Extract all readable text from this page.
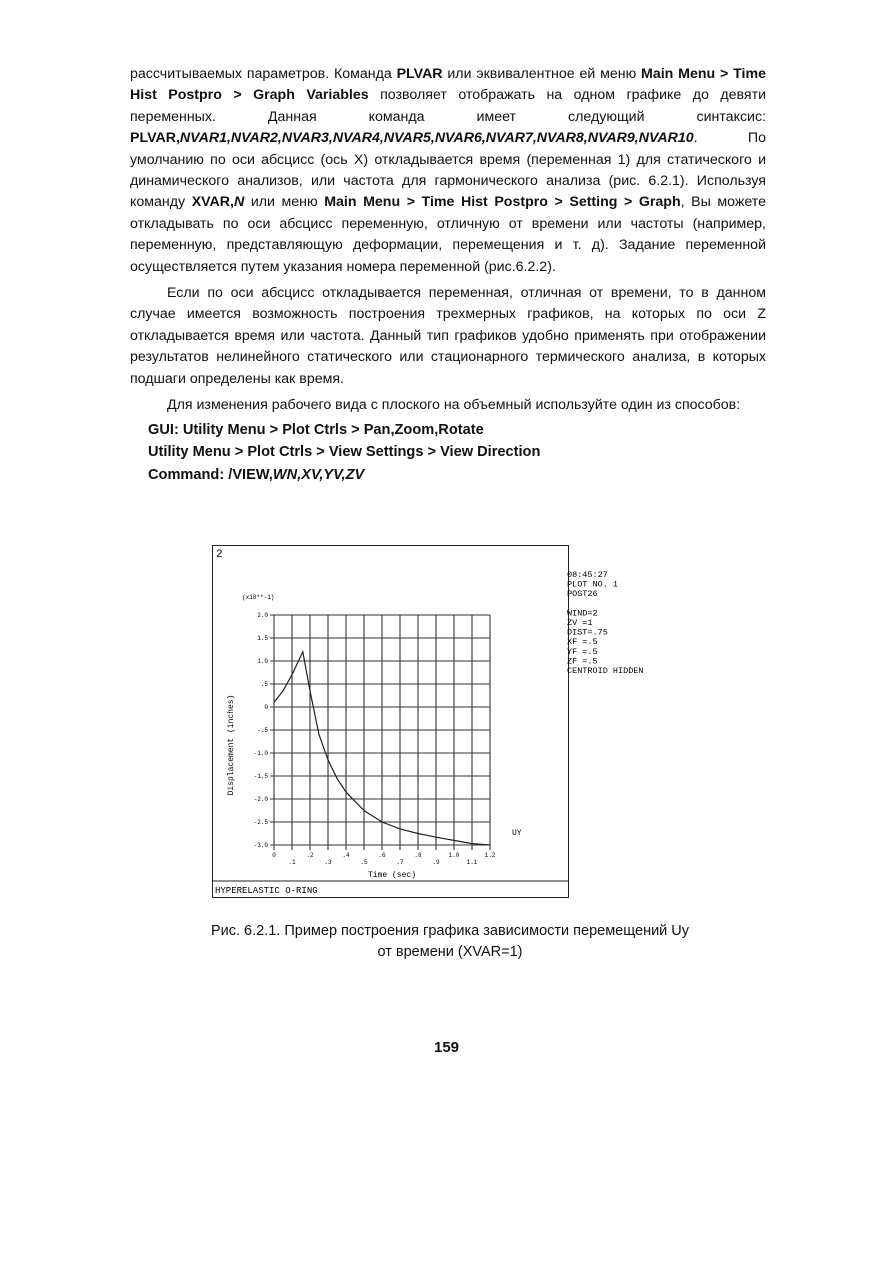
рассчитываемых параметров. Команда PLVAR или эквивалентное ей меню Main Menu > Time Hist Postpro > Graph Variables позволяет отображать на одном графике до девяти переменных. Данная команда имеет следующий синтаксис: PLVAR,NVAR1,NVAR2,NVAR3,NVAR4,NVAR5,NVAR6,NVAR7,NVAR8,NVAR9,NVAR10. По умолчанию по оси абсцисс (ось X) откладывается время (переменная 1) для статического и динамического анализов, или частота для гармонического анализа (рис. 6.2.1). Используя команду XVAR,N или меню Main Menu > Time Hist Postpro > Setting > Graph, Вы можете откладывать по оси абсцисс переменную, отличную от времени или частоты (например, переменную, представляющую деформации, перемещения и т. д). Задание переменной осуществляется путем указания номера переменной (рис.6.2.2).

Если по оси абсцисс откладывается переменная, отличная от времени, то в данном случае имеется возможность построения трехмерных графиков, на которых по оси Z откладывается время или частота. Данный тип графиков удобно применять при отображении результатов нелинейного статического или стационарного термического анализа, в которых подшаги определены как время.

Для изменения рабочего вида с плоского на объемный используйте один из способов:

GUI: Utility Menu > Plot Ctrls > Pan,Zoom,Rotate
Utility Menu > Plot Ctrls > View Settings > View Direction
Command: /VIEW,WN,XV,YV,ZV
2
HYPERELASTIC O-RING
(x10**-1)
08:45:27
PLOT NO. 1
POST26
WIND=2
ZV =1
DIST=.75
XF =.5
YF =.5
ZF =.5
CENTROID HIDDEN
0
.1
.2
.3
.4
.5
.6
.7
.8
.9
1.0
1.1
1.2
-3.0
-2.5
-2.0
-1.5
-1.0
-.5
0
.5
1.0
1.5
2.0
UY
Time (sec)
Displacement (inches)
Рис. 6.2.1. Пример построения графика зависимости перемещений Uy
от времени (XVAR=1)
159
